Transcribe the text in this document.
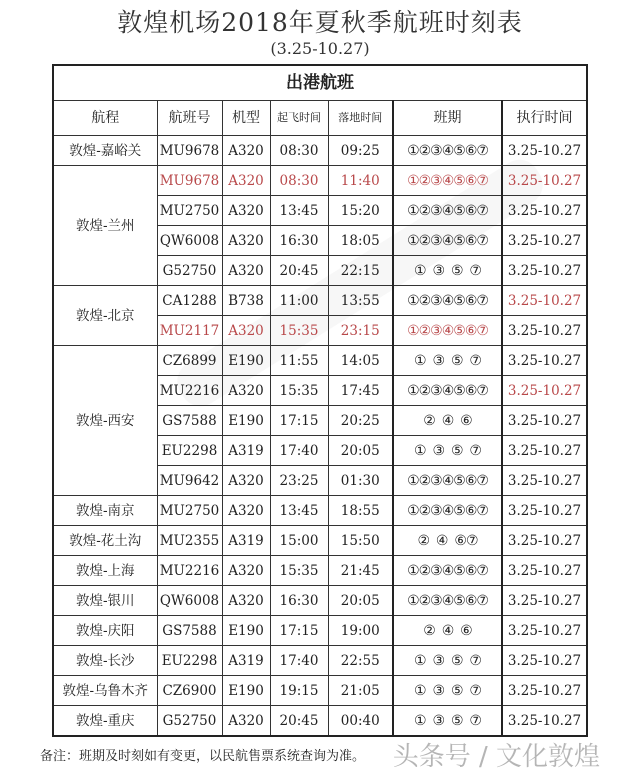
敦煌机场2018年夏秋季航班时刻表
(3.25-10.27)
出港航班						
航程	航班号	机型	起飞时间	落地时间	班期	执行时间
敦煌-嘉峪关	MU9678	A320	08:30	09:25	①②③④⑤⑥⑦	3.25-10.27
敦煌-兰州	MU9678	A320	08:30	11:40	①②③④⑤⑥⑦	3.25-10.27
	MU2750	A320	13:45	15:20	①②③④⑤⑥⑦	3.25-10.27
	QW6008	A320	16:30	18:05	①②③④⑤⑥⑦	3.25-10.27
	G52750	A320	20:45	22:15	①  ③  ⑤  ⑦	3.25-10.27
敦煌-北京	CA1288	B738	11:00	13:55	①②③④⑤⑥⑦	3.25-10.27
	MU2117	A320	15:35	23:15	①②③④⑤⑥⑦	3.25-10.27
敦煌-西安	CZ6899	E190	11:55	14:05	①  ③  ⑤  ⑦	3.25-10.27
	MU2216	A320	15:35	17:45	①②③④⑤⑥⑦	3.25-10.27
	GS7588	E190	17:15	20:25	②  ④  ⑥	3.25-10.27
	EU2298	A319	17:40	20:05	①  ③  ⑤  ⑦	3.25-10.27
	MU9642	A320	23:25	01:30	①②③④⑤⑥⑦	3.25-10.27
敦煌-南京	MU2750	A320	13:45	18:55	①②③④⑤⑥⑦	3.25-10.27
敦煌-花土沟	MU2355	A319	15:00	15:50	②  ④  ⑥⑦	3.25-10.27
敦煌-上海	MU2216	A320	15:35	21:45	①②③④⑤⑥⑦	3.25-10.27
敦煌-银川	QW6008	A320	16:30	20:05	①②③④⑤⑥⑦	3.25-10.27
敦煌-庆阳	GS7588	E190	17:15	19:00	②  ④  ⑥	3.25-10.27
敦煌-长沙	EU2298	A319	17:40	22:55	①  ③  ⑤  ⑦	3.25-10.27
敦煌-乌鲁木齐	CZ6900	E190	19:15	21:05	①  ③  ⑤  ⑦	3.25-10.27
敦煌-重庆	G52750	A320	20:45	00:40	①  ③  ⑤  ⑦	3.25-10.27
备注：班期及时刻如有变更，以民航售票系统查询为准。 头条号 / 文化敦煌
